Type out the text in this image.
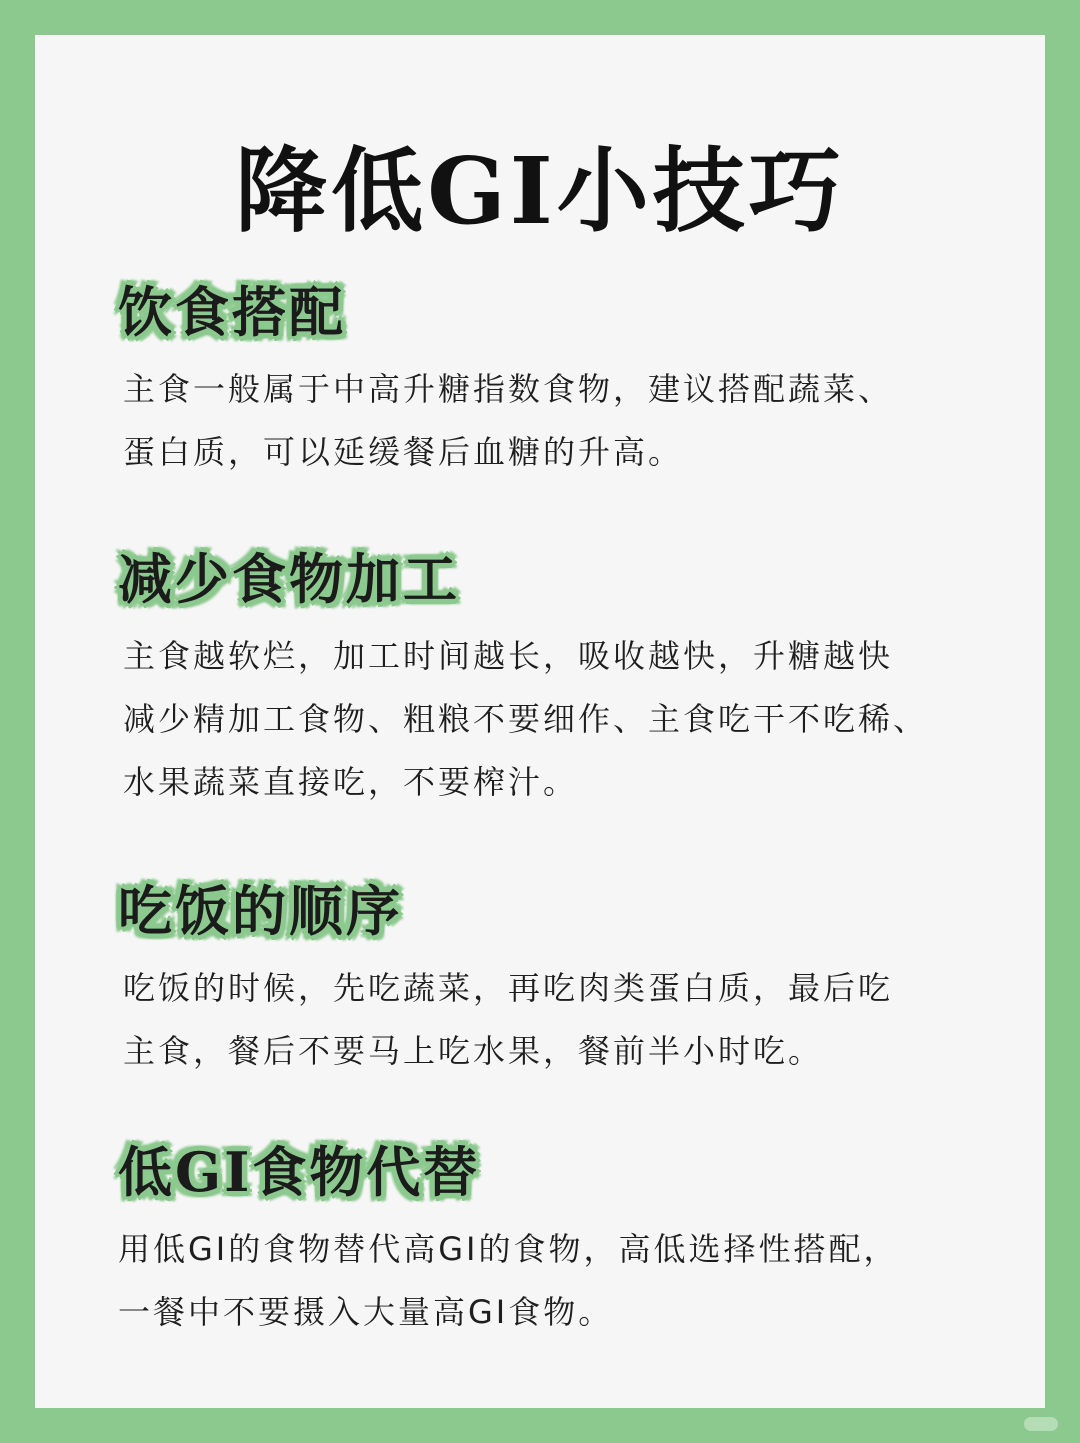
降低GI小技巧
饮食搭配

主食一般属于中高升糖指数食物，建议搭配蔬菜、

蛋白质，可以延缓餐后血糖的升高。

减少食物加工

主食越软烂，加工时间越长，吸收越快，升糖越快

减少精加工食物、粗粮不要细作、主食吃干不吃稀、

水果蔬菜直接吃，不要榨汁。

吃饭的顺序

吃饭的时候，先吃蔬菜，再吃肉类蛋白质，最后吃

主食，餐后不要马上吃水果，餐前半小时吃。

低GI食物代替

用低GI的食物替代高GI的食物，高低选择性搭配，

一餐中不要摄入大量高GI食物。
